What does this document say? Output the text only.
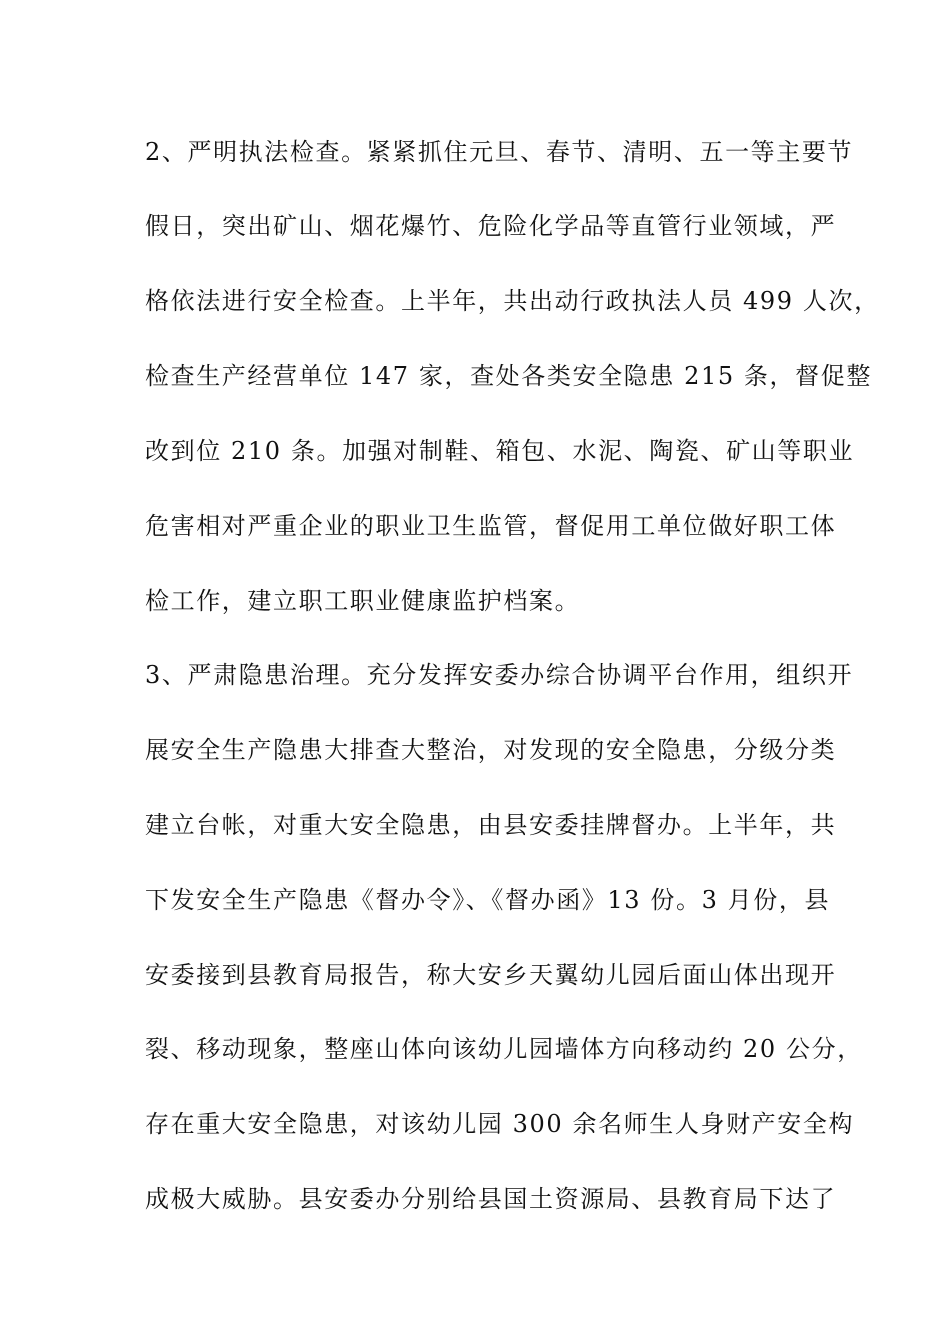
2、严明执法检查。紧紧抓住元旦、春节、清明、五一等主要节
假日，突出矿山、烟花爆竹、危险化学品等直管行业领域，严
格依法进行安全检查。上半年，共出动行政执法人员 499 人次，
检查生产经营单位 147 家，查处各类安全隐患 215 条，督促整
改到位 210 条。加强对制鞋、箱包、水泥、陶瓷、矿山等职业
危害相对严重企业的职业卫生监管，督促用工单位做好职工体
检工作，建立职工职业健康监护档案。
3、严肃隐患治理。充分发挥安委办综合协调平台作用，组织开
展安全生产隐患大排查大整治，对发现的安全隐患，分级分类
建立台帐，对重大安全隐患，由县安委挂牌督办。上半年，共
下发安全生产隐患《督办令》、《督办函》13 份。3 月份，县
安委接到县教育局报告，称大安乡天翼幼儿园后面山体出现开
裂、移动现象，整座山体向该幼儿园墙体方向移动约 20 公分，
存在重大安全隐患，对该幼儿园 300 余名师生人身财产安全构
成极大威胁。县安委办分别给县国土资源局、县教育局下达了
